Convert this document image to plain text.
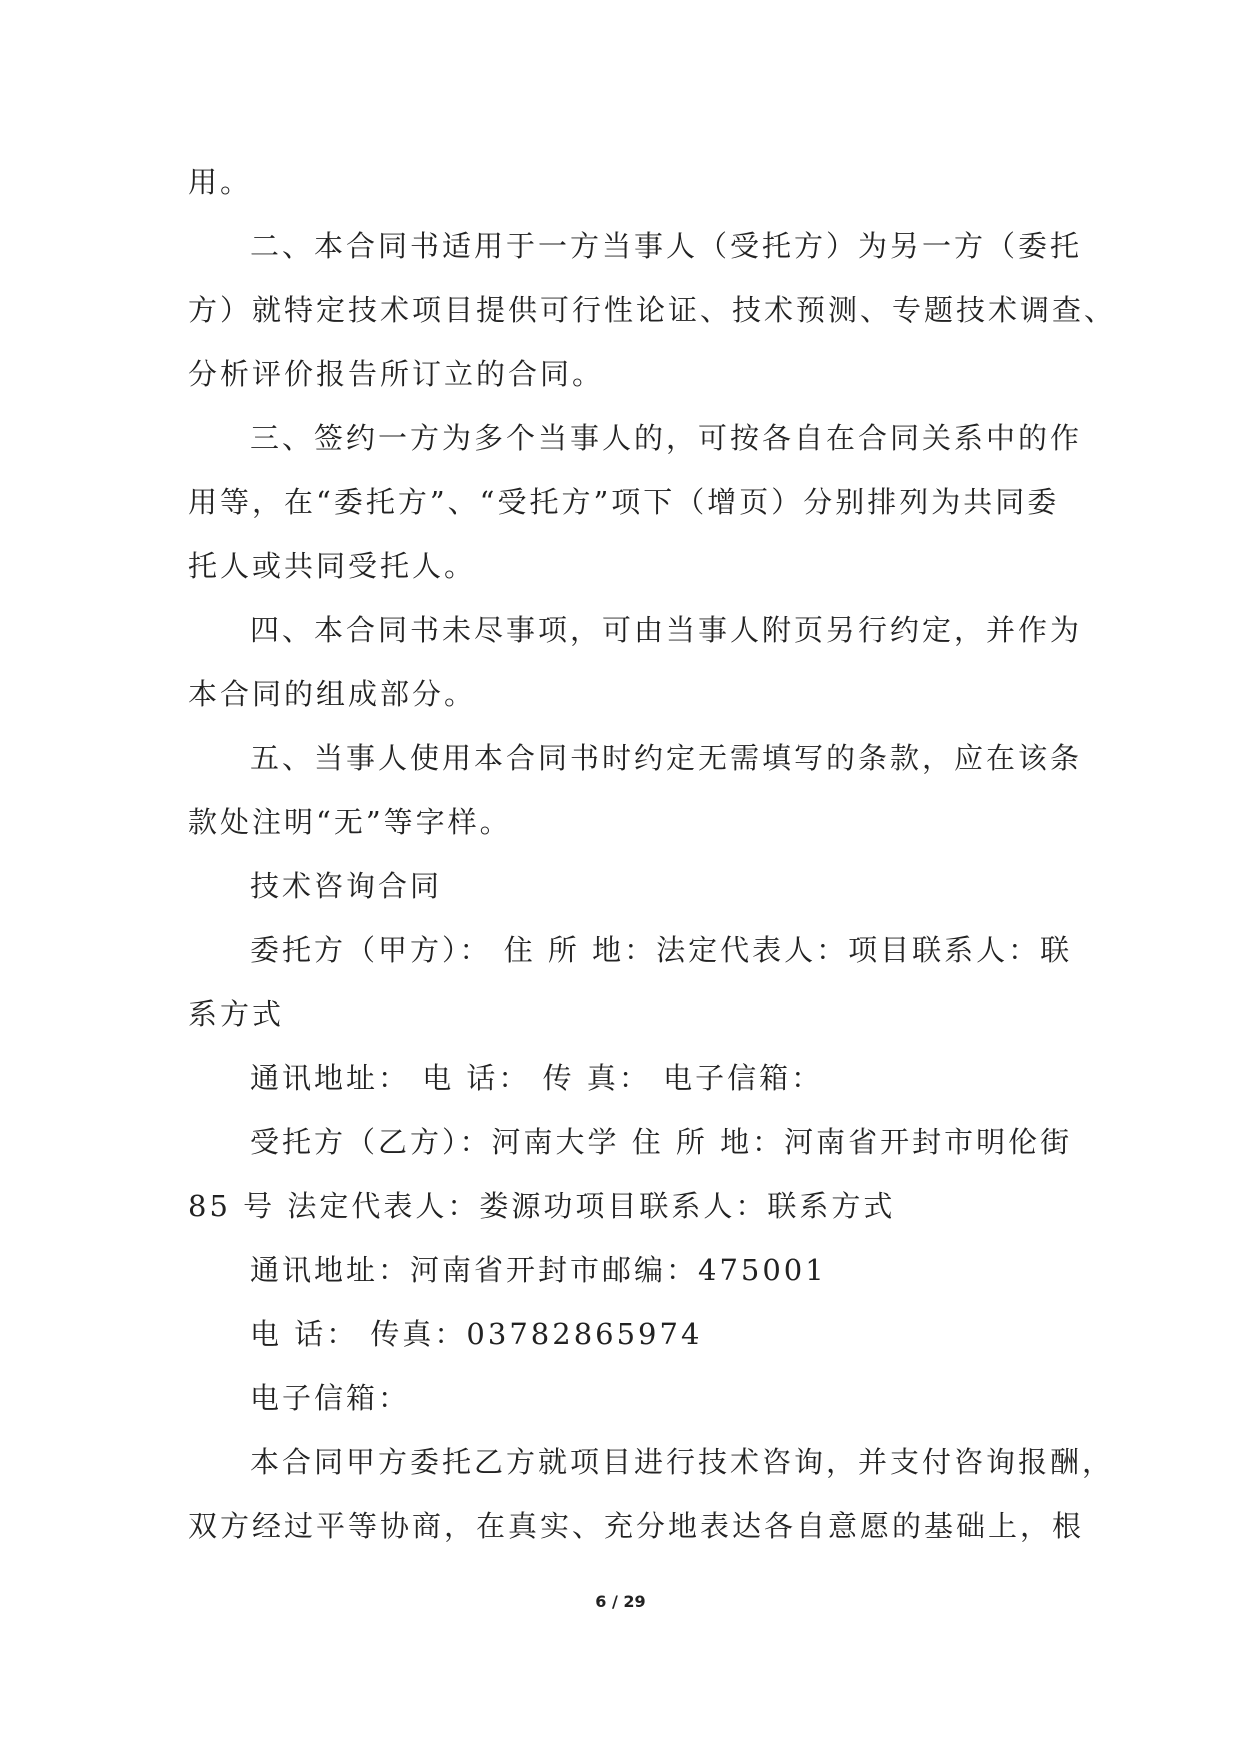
用。
二、本合同书适用于一方当事人（受托方）为另一方（委托
方）就特定技术项目提供可行性论证、技术预测、专题技术调查、
分析评价报告所订立的合同。
三、签约一方为多个当事人的，可按各自在合同关系中的作
用等，在“委托方”、“受托方”项下（增页）分别排列为共同委
托人或共同受托人。
四、本合同书未尽事项，可由当事人附页另行约定，并作为
本合同的组成部分。
五、当事人使用本合同书时约定无需填写的条款，应在该条
款处注明“无”等字样。
技术咨询合同
委托方（甲方）： 住 所 地：法定代表人：项目联系人：联
系方式
通讯地址： 电 话： 传 真： 电子信箱：
受托方（乙方）：河南大学 住 所 地：河南省开封市明伦街
85 号 法定代表人：娄源功项目联系人：联系方式
通讯地址：河南省开封市邮编：475001
电 话： 传真：03782865974
电子信箱：
本合同甲方委托乙方就项目进行技术咨询，并支付咨询报酬，
双方经过平等协商，在真实、充分地表达各自意愿的基础上，根
6 / 29
